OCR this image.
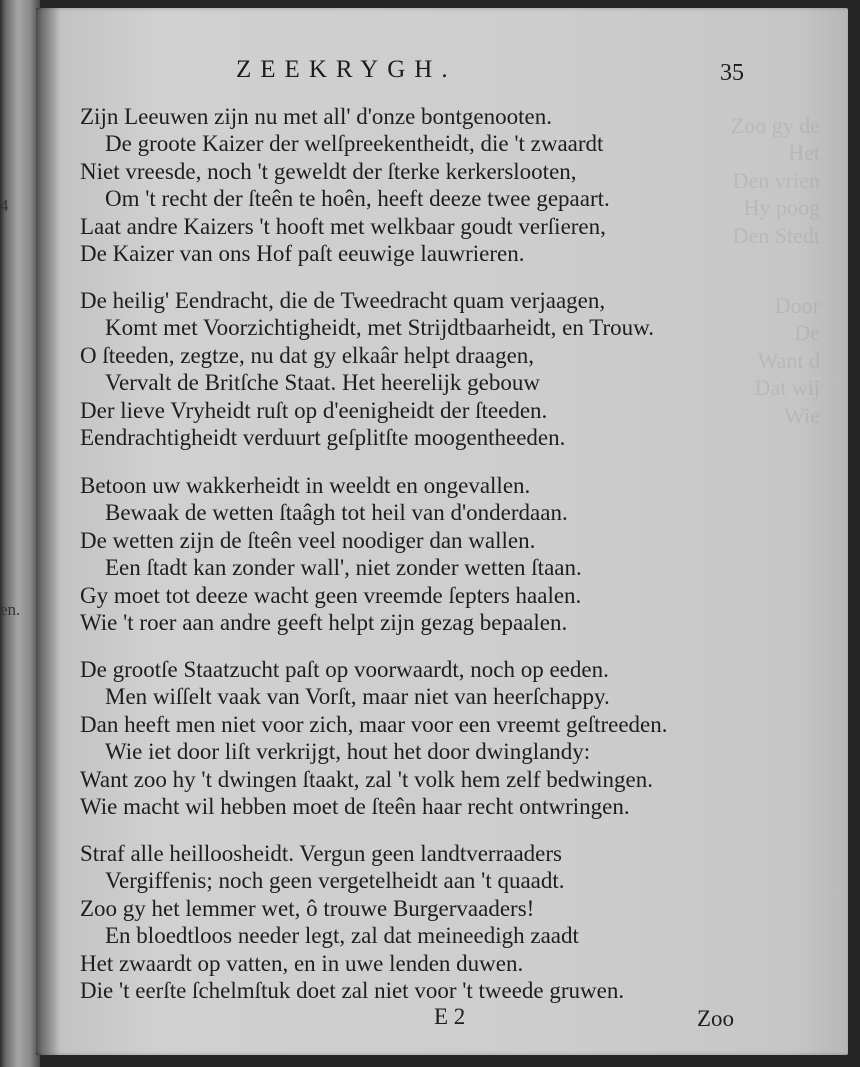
4
en.
Zoo gy de
Het
Den vrien
Hy poog
Den Stedt
Door
De
Want d
Dat wij
Wie
ZEEKRYGH.	35
Zijn Leeuwen zijn nu met all' d'onze bontgenooten.
De groote Kaizer der welſpreekentheidt, die 't zwaardt
Niet vreesde, noch 't geweldt der ſterke kerkerslooten,
Om 't recht der ſteên te hoên, heeft deeze twee gepaart.
Laat andre Kaizers 't hooft met welkbaar goudt verſieren,
De Kaizer van ons Hof paſt eeuwige lauwrieren.
De heilig' Eendracht, die de Tweedracht quam verjaagen,
Komt met Voorzichtigheidt, met Strijdtbaarheidt, en Trouw.
O ſteeden, zegtze, nu dat gy elkaâr helpt draagen,
Vervalt de Britſche Staat. Het heerelijk gebouw
Der lieve Vryheidt ruſt op d'eenigheidt der ſteeden.
Eendrachtigheidt verduurt geſplitſte moogentheeden.
Betoon uw wakkerheidt in weeldt en ongevallen.
Bewaak de wetten ſtaâgh tot heil van d'onderdaan.
De wetten zijn de ſteên veel noodiger dan wallen.
Een ſtadt kan zonder wall', niet zonder wetten ſtaan.
Gy moet tot deeze wacht geen vreemde ſepters haalen.
Wie 't roer aan andre geeft helpt zijn gezag bepaalen.
De grootſe Staatzucht paſt op voorwaardt, noch op eeden.
Men wiſſelt vaak van Vorſt, maar niet van heerſchappy.
Dan heeft men niet voor zich, maar voor een vreemt geſtreeden.
Wie iet door liſt verkrijgt, hout het door dwinglandy:
Want zoo hy 't dwingen ſtaakt, zal 't volk hem zelf bedwingen.
Wie macht wil hebben moet de ſteên haar recht ontwringen.
Straf alle heilloosheidt. Vergun geen landtverraaders
Vergiffenis; noch geen vergetelheidt aan 't quaadt.
Zoo gy het lemmer wet, ô trouwe Burgervaaders!
En bloedtloos needer legt, zal dat meineedigh zaadt
Het zwaardt op vatten, en in uwe lenden duwen.
Die 't eerſte ſchelmſtuk doet zal niet voor 't tweede gruwen.
E 2	Zoo
